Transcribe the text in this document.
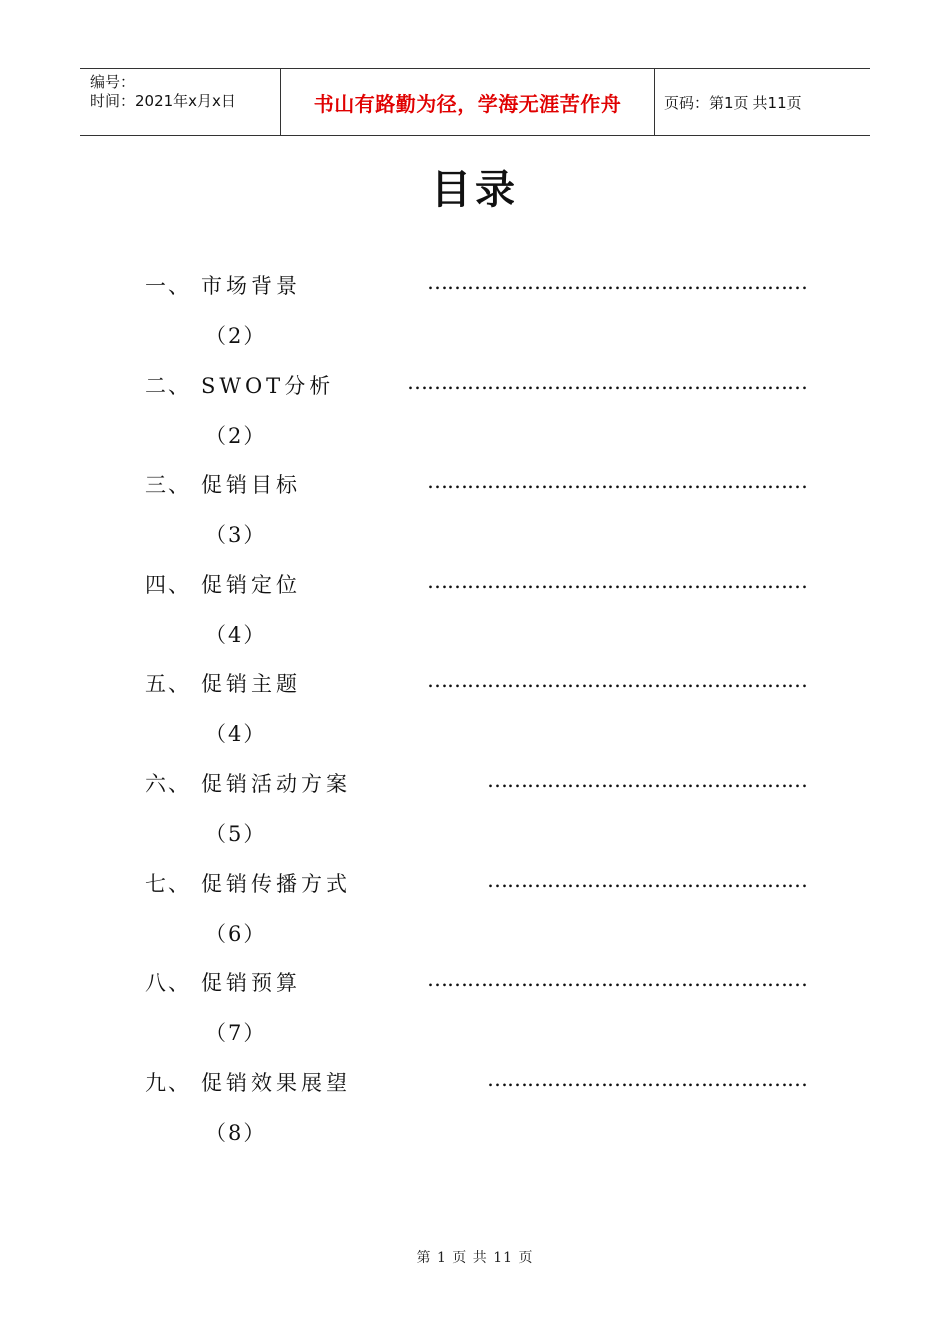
编号：
时间：2021年x月x日	书山有路勤为径，学海无涯苦作舟	页码：第1页 共11页
目录
一、 市场背景	…………………………………………………
（2）
二、 SWOT分析	……………………………………………………
（2）
三、 促销目标	…………………………………………………
（3）
四、 促销定位	…………………………………………………
（4）
五、 促销主题	…………………………………………………
（4）
六、 促销活动方案	…………………………………………
（5）
七、 促销传播方式	…………………………………………
（6）
八、 促销预算	…………………………………………………
（7）
九、 促销效果展望	…………………………………………
（8）
第 1 页 共 11 页
